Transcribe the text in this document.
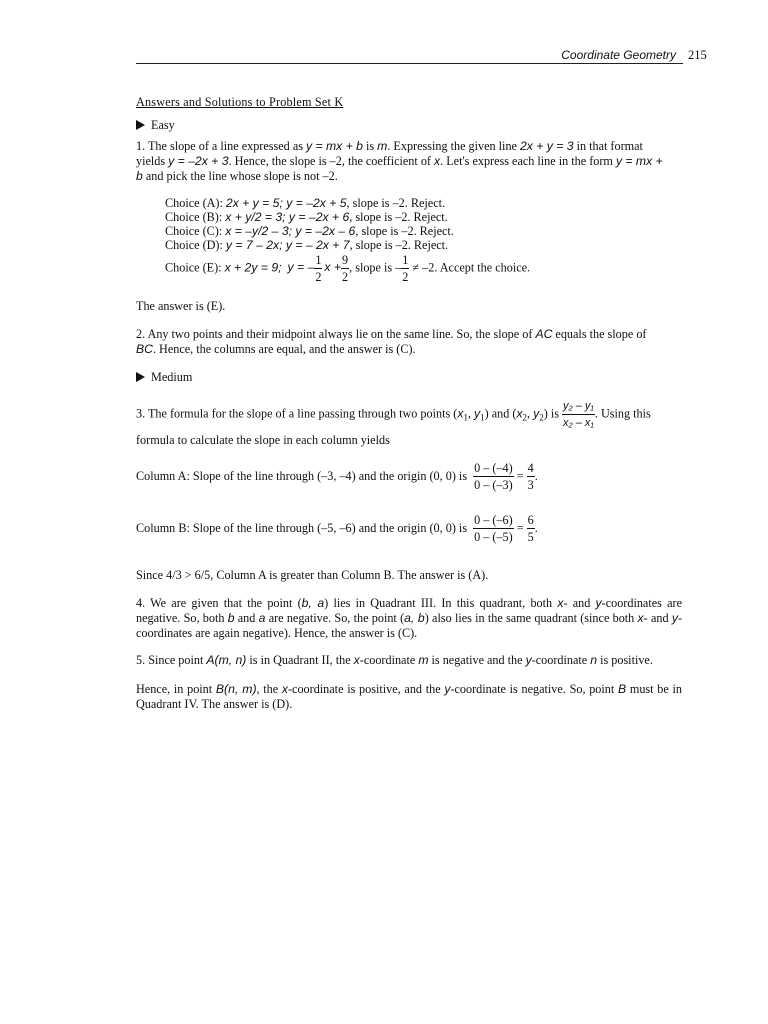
Coordinate Geometry 215
Answers and Solutions to Problem Set K
Easy
1. The slope of a line expressed as y = mx + b is m. Expressing the given line 2x + y = 3 in that format
yields y = –2x + 3. Hence, the slope is –2, the coefficient of x. Let's express each line in the form y = mx +
b and pick the line whose slope is not –2.
Choice (A): 2x + y = 5; y = –2x + 5, slope is –2. Reject.
Choice (B): x + y/2 = 3; y = –2x + 6, slope is –2. Reject.
Choice (C): x = –y/2 – 3; y = –2x – 6, slope is –2. Reject.
Choice (D): y = 7 – 2x; y = – 2x + 7, slope is –2. Reject.
Choice (E): x + 2y = 9; y = – $\frac{1}{2}$ $x + \frac{9}{2}$ , slope is – $\frac{1}{2} \ne -2$. Accept the choice.
The answer is (E).
2. Any two points and their midpoint always lie on the same line. So, the slope of AC equals the slope of
BC. Hence, the columns are equal, and the answer is (C).
Medium
3. The formula for the slope of a line passing through two points ($x_1$, $y_1$) and ($x_2$, $y_2$) is $\frac{\text{y₂ – y₁}}{\text{x₂ – x₁}}$ . Using this
formula to calculate the slope in each column yields
Column A: Slope of the line through (–3, –4) and the origin (0, 0) is $\frac{0 - (-4)}{0 - (-3)} = \frac{4}{3}$ .
Column B: Slope of the line through (–5, –6) and the origin (0, 0) is $\frac{0 - (-6)}{0 - (-5)} = \frac{6}{5}$ .
Since 4/3 > 6/5, Column A is greater than Column B. The answer is (A).
4. We are given that the point (b, a) lies in Quadrant III. In this quadrant, both x- and y-coordinates are negative. So, both b and a are negative. So, the point (a, b) also lies in the same quadrant (since both x- and y-coordinates are again negative). Hence, the answer is (C).
5. Since point A(m, n) is in Quadrant II, the x-coordinate m is negative and the y-coordinate n is positive.
Hence, in point B(n, m), the x-coordinate is positive, and the y-coordinate is negative. So, point B must be in Quadrant IV. The answer is (D).
